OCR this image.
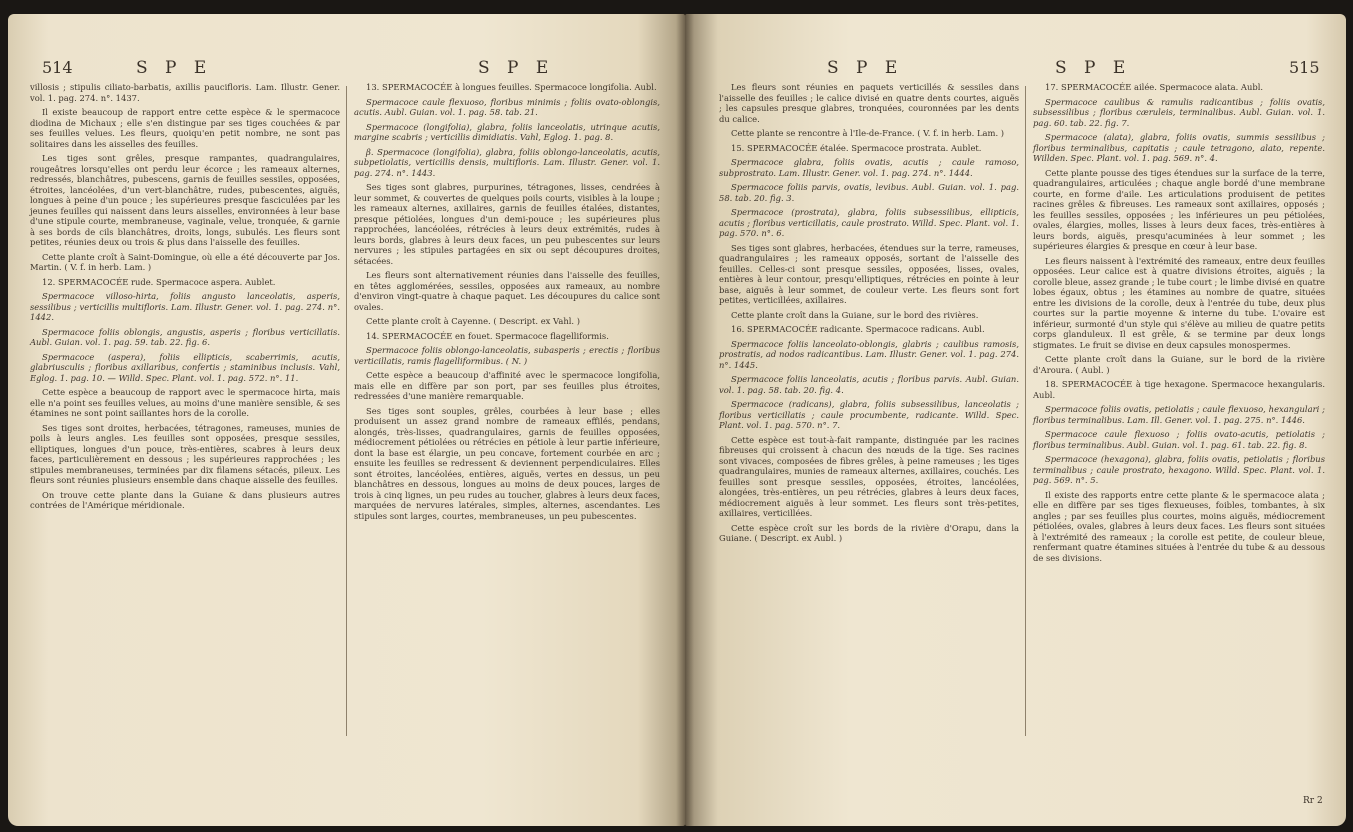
514	S P E	S P E

villosis ; stipulis ciliato-barbatis, axillis paucifloris. Lam. Illustr. Gener. vol. 1. pag. 274. n°. 1437.

Il existe beaucoup de rapport entre cette espèce & le spermacoce diodina de Michaux ; elle s'en distingue par ses tiges couchées & par ses feuilles velues. Les fleurs, quoiqu'en petit nombre, ne sont pas solitaires dans les aisselles des feuilles.

Les tiges sont grêles, presque rampantes, quadrangulaires, rougeâtres lorsqu'elles ont perdu leur écorce ; les rameaux alternes, redressés, blanchâtres, pubescens, garnis de feuilles sessiles, opposées, étroites, lancéolées, d'un vert-blanchâtre, rudes, pubescentes, aiguës, longues à peine d'un pouce ; les supérieures presque fasciculées par les jeunes feuilles qui naissent dans leurs aisselles, environnées à leur base d'une stipule courte, membraneuse, vaginale, velue, tronquée, & garnie à ses bords de cils blanchâtres, droits, longs, subulés. Les fleurs sont petites, réunies deux ou trois & plus dans l'aisselle des feuilles.

Cette plante croît à Saint-Domingue, où elle a été découverte par Jos. Martin. ( V. f. in herb. Lam. )

12. SPERMACOCÉE rude. Spermacoce aspera. Aublet.

Spermacoce villoso-hirta, foliis angusto lanceolatis, asperis, sessilibus ; verticillis multifloris. Lam. Illustr. Gener. vol. 1. pag. 274. n°. 1442.

Spermacoce foliis oblongis, angustis, asperis ; floribus verticillatis. Aubl. Guian. vol. 1. pag. 59. tab. 22. fig. 6.

Spermacoce (aspera), foliis ellipticis, scaberrimis, acutis, glabriusculis ; floribus axillaribus, confertis ; staminibus inclusis. Vahl, Eglog. 1. pag. 10. — Willd. Spec. Plant. vol. 1. pag. 572. n°. 11.

Cette espèce a beaucoup de rapport avec le spermacoce hirta, mais elle n'a point ses feuilles velues, au moins d'une manière sensible, & ses étamines ne sont point saillantes hors de la corolle.

Ses tiges sont droites, herbacées, tétragones, rameuses, munies de poils à leurs angles. Les feuilles sont opposées, presque sessiles, elliptiques, longues d'un pouce, très-entières, scabres à leurs deux faces, particulièrement en dessous ; les supérieures rapprochées ; les stipules membraneuses, terminées par dix filamens sétacés, pileux. Les fleurs sont réunies plusieurs ensemble dans chaque aisselle des feuilles.

On trouve cette plante dans la Guiane & dans plusieurs autres contrées de l'Amérique méridionale.

13. SPERMACOCÉE à longues feuilles. Spermacoce longifolia. Aubl.

Spermacoce caule flexuoso, floribus minimis ; foliis ovato-oblongis, acutis. Aubl. Guian. vol. 1. pag. 58. tab. 21.

Spermacoce (longifolia), glabra, foliis lanceolatis, utrinque acutis, margine scabris ; verticillis dimidiatis. Vahl, Eglog. 1. pag. 8.

β. Spermacoce (longifolia), glabra, foliis oblongo-lanceolatis, acutis, subpetiolatis, verticillis densis, multifloris. Lam. Illustr. Gener. vol. 1. pag. 274. n°. 1443.

Ses tiges sont glabres, purpurines, tétragones, lisses, cendrées à leur sommet, & couvertes de quelques poils courts, visibles à la loupe ; les rameaux alternes, axillaires, garnis de feuilles étalées, distantes, presque pétiolées, longues d'un demi-pouce ; les supérieures plus rapprochées, lancéolées, rétrécies à leurs deux extrémités, rudes à leurs bords, glabres à leurs deux faces, un peu pubescentes sur leurs nervures ; les stipules partagées en six ou sept découpures droites, sétacées.

Les fleurs sont alternativement réunies dans l'aisselle des feuilles, en têtes agglomérées, sessiles, opposées aux rameaux, au nombre d'environ vingt-quatre à chaque paquet. Les découpures du calice sont ovales.

Cette plante croît à Cayenne. ( Descript. ex Vahl. )

14. SPERMACOCÉE en fouet. Spermacoce flagelliformis.

Spermacoce foliis oblongo-lanceolatis, subasperis ; erectis ; floribus verticillatis, ramis flagelliformibus. ( N. )

Cette espèce a beaucoup d'affinité avec le spermacoce longifolia, mais elle en diffère par son port, par ses feuilles plus étroites, redressées d'une manière remarquable.

Ses tiges sont souples, grêles, courbées à leur base ; elles produisent un assez grand nombre de rameaux effilés, pendans, alongés, très-lisses, quadrangulaires, garnis de feuilles opposées, médiocrement pétiolées ou rétrécies en pétiole à leur partie inférieure, dont la base est élargie, un peu concave, fortement courbée en arc ; ensuite les feuilles se redressent & deviennent perpendiculaires. Elles sont étroites, lancéolées, entières, aiguës, vertes en dessus, un peu blanchâtres en dessous, longues au moins de deux pouces, larges de trois à cinq lignes, un peu rudes au toucher, glabres à leurs deux faces, marquées de nervures latérales, simples, alternes, ascendantes. Les stipules sont larges, courtes, membraneuses, un peu pubescentes.

S P E	S P E	515

Les fleurs sont réunies en paquets verticillés & sessiles dans l'aisselle des feuilles ; le calice divisé en quatre dents courtes, aiguës ; les capsules presque glabres, tronquées, couronnées par les dents du calice.

Cette plante se rencontre à l'Ile-de-France. ( V. f. in herb. Lam. )

15. SPERMACOCÉE étalée. Spermacoce prostrata. Aublet.

Spermacoce glabra, foliis ovatis, acutis ; caule ramoso, subprostrato. Lam. Illustr. Gener. vol. 1. pag. 274. n°. 1444.

Spermacoce foliis parvis, ovatis, levibus. Aubl. Guian. vol. 1. pag. 58. tab. 20. fig. 3.

Spermacoce (prostrata), glabra, foliis subsessilibus, ellipticis, acutis ; floribus verticillatis, caule prostrato. Willd. Spec. Plant. vol. 1. pag. 570. n°. 6.

Ses tiges sont glabres, herbacées, étendues sur la terre, rameuses, quadrangulaires ; les rameaux opposés, sortant de l'aisselle des feuilles. Celles-ci sont presque sessiles, opposées, lisses, ovales, entières à leur contour, presqu'elliptiques, rétrécies en pointe à leur base, aiguës à leur sommet, de couleur verte. Les fleurs sont fort petites, verticillées, axillaires.

Cette plante croît dans la Guiane, sur le bord des rivières.

16. SPERMACOCÉE radicante. Spermacoce radicans. Aubl.

Spermacoce foliis lanceolato-oblongis, glabris ; caulibus ramosis, prostratis, ad nodos radicantibus. Lam. Illustr. Gener. vol. 1. pag. 274. n°. 1445.

Spermacoce foliis lanceolatis, acutis ; floribus parvis. Aubl. Guian. vol. 1. pag. 58. tab. 20. fig. 4.

Spermacoce (radicans), glabra, foliis subsessilibus, lanceolatis ; floribus verticillatis ; caule procumbente, radicante. Willd. Spec. Plant. vol. 1. pag. 570. n°. 7.

Cette espèce est tout-à-fait rampante, distinguée par les racines fibreuses qui croissent à chacun des nœuds de la tige. Ses racines sont vivaces, composées de fibres grêles, à peine rameuses ; les tiges quadrangulaires, munies de rameaux alternes, axillaires, couchés. Les feuilles sont presque sessiles, opposées, étroites, lancéolées, alongées, très-entières, un peu rétrécies, glabres à leurs deux faces, médiocrement aiguës à leur sommet. Les fleurs sont très-petites, axillaires, verticillées.

Cette espèce croît sur les bords de la rivière d'Orapu, dans la Guiane. ( Descript. ex Aubl. )

17. SPERMACOCÉE ailée. Spermacoce alata. Aubl.

Spermacoce caulibus & ramulis radicantibus ; foliis ovatis, subsessilibus ; floribus cæruleis, terminalibus. Aubl. Guian. vol. 1. pag. 60. tab. 22. fig. 7.

Spermacoce (alata), glabra, foliis ovatis, summis sessilibus ; floribus terminalibus, capitatis ; caule tetragono, alato, repente. Willden. Spec. Plant. vol. 1. pag. 569. n°. 4.

Cette plante pousse des tiges étendues sur la surface de la terre, quadrangulaires, articulées ; chaque angle bordé d'une membrane courte, en forme d'aile. Les articulations produisent de petites racines grêles & fibreuses. Les rameaux sont axillaires, opposés ; les feuilles sessiles, opposées ; les inférieures un peu pétiolées, ovales, élargies, molles, lisses à leurs deux faces, très-entières à leurs bords, aiguës, presqu'acuminées à leur sommet ; les supérieures élargies & presque en cœur à leur base.

Les fleurs naissent à l'extrémité des rameaux, entre deux feuilles opposées. Leur calice est à quatre divisions étroites, aiguës ; la corolle bleue, assez grande ; le tube court ; le limbe divisé en quatre lobes égaux, obtus ; les étamines au nombre de quatre, situées entre les divisions de la corolle, deux à l'entrée du tube, deux plus courtes sur la partie moyenne & interne du tube. L'ovaire est inférieur, surmonté d'un style qui s'élève au milieu de quatre petits corps glanduleux. Il est grêle, & se termine par deux longs stigmates. Le fruit se divise en deux capsules monospermes.

Cette plante croît dans la Guiane, sur le bord de la rivière d'Aroura. ( Aubl. )

18. SPERMACOCÉE à tige hexagone. Spermacoce hexangularis. Aubl.

Spermacoce foliis ovatis, petiolatis ; caule flexuoso, hexangulari ; floribus terminalibus. Lam. Ill. Gener. vol. 1. pag. 275. n°. 1446.

Spermacoce caule flexuoso ; foliis ovato-acutis, petiolatis ; floribus terminalibus. Aubl. Guian. vol. 1. pag. 61. tab. 22. fig. 8.

Spermacoce (hexagona), glabra, foliis ovatis, petiolatis ; floribus terminalibus ; caule prostrato, hexagono. Willd. Spec. Plant. vol. 1. pag. 569. n°. 5.

Il existe des rapports entre cette plante & le spermacoce alata ; elle en diffère par ses tiges flexueuses, foibles, tombantes, à six angles ; par ses feuilles plus courtes, moins aiguës, médiocrement pétiolées, ovales, glabres à leurs deux faces. Les fleurs sont situées à l'extrémité des rameaux ; la corolle est petite, de couleur bleue, renfermant quatre étamines situées à l'entrée du tube & au dessous de ses divisions.

Rr 2
